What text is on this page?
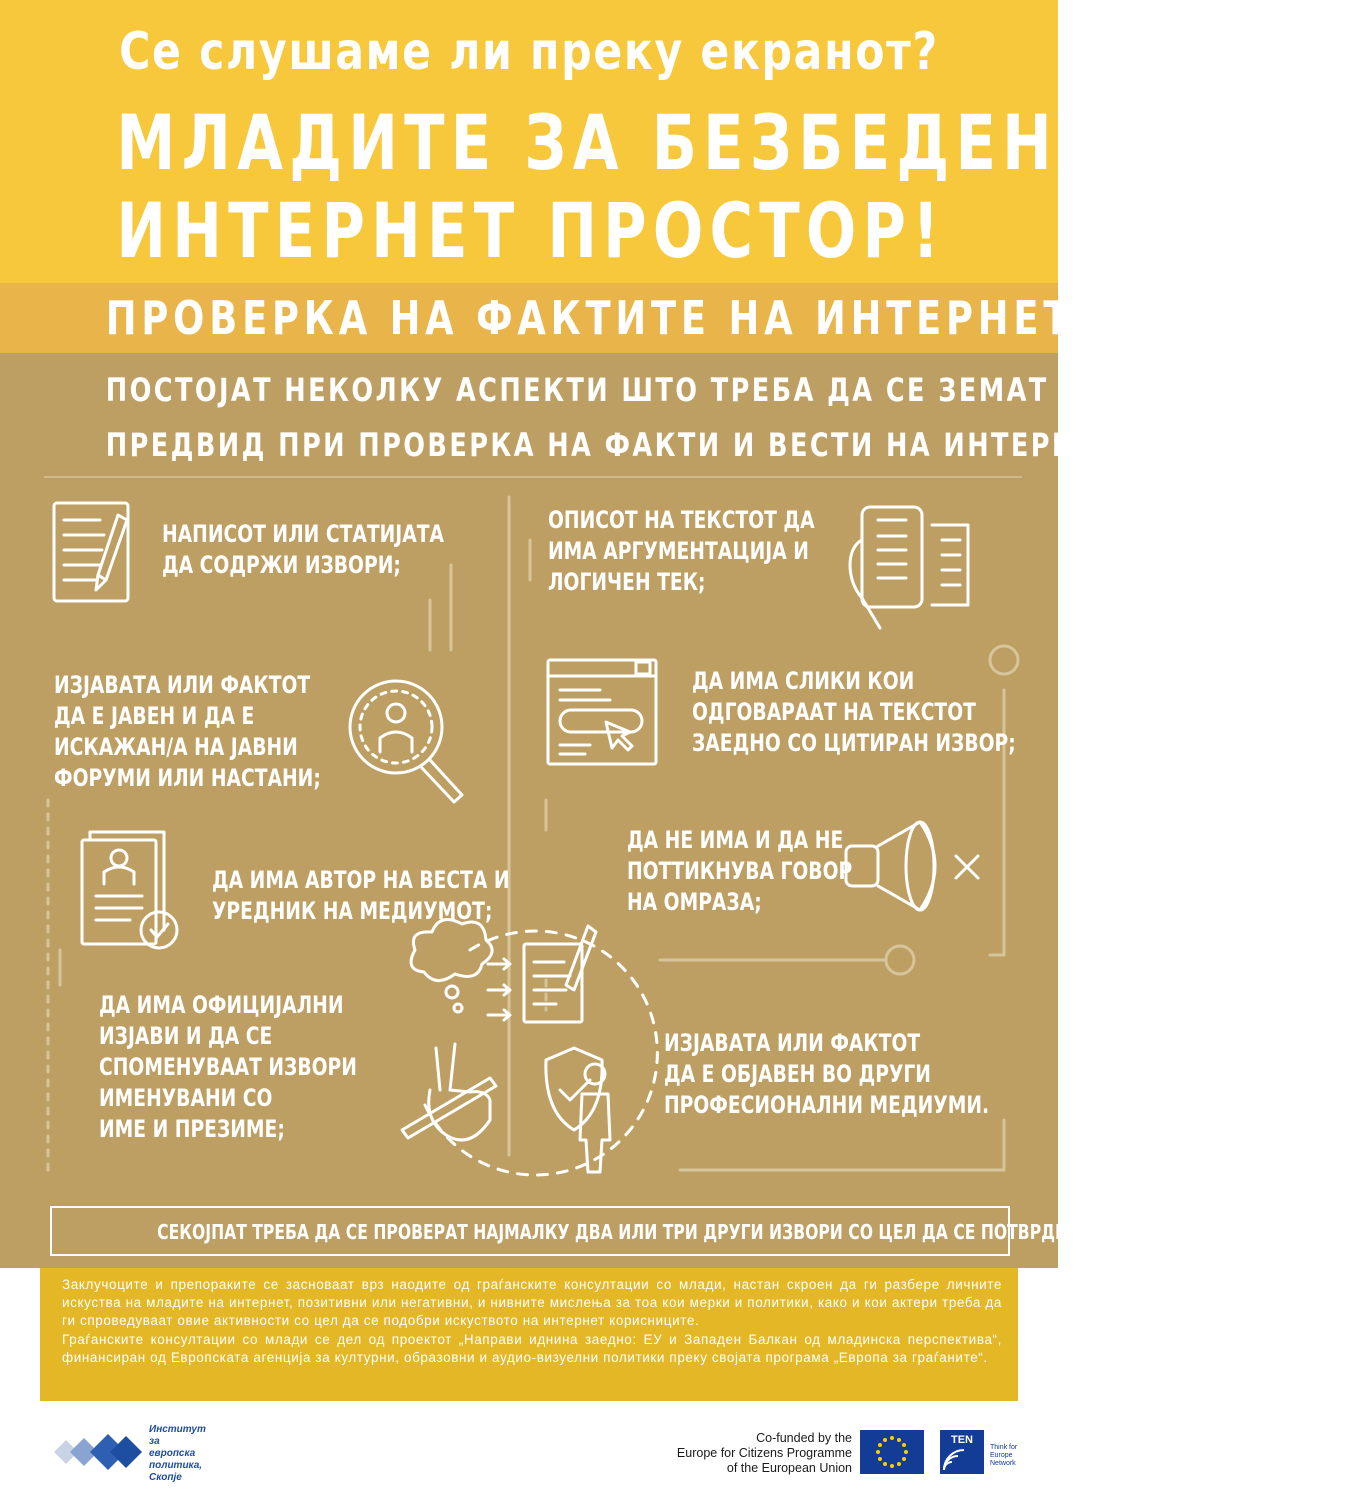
Се слушаме ли преку екранот?
МЛАДИТЕ ЗА БЕЗБЕДЕН
ИНТЕРНЕТ ПРОСТОР!
ПРОВЕРКА НА ФАКТИТЕ НА ИНТЕРНЕТ
ПОСТОЈАТ НЕКОЛКУ АСПЕКТИ ШТО ТРЕБА ДА СЕ ЗЕМАТ
ПРЕДВИД ПРИ ПРОВЕРКА НА ФАКТИ И ВЕСТИ НА ИНТЕРНЕТ:
НАПИСОТ ИЛИ СТАТИЈАТА
ДА СОДРЖИ ИЗВОРИ;
ОПИСОТ НА ТЕКСТОТ ДА
ИМА АРГУМЕНТАЦИЈА И
ЛОГИЧЕН ТЕК;
ИЗЈАВАТА ИЛИ ФАКТОТ
ДА Е ЈАВЕН И ДА Е
ИСКАЖАН/А НА ЈАВНИ
ФОРУМИ ИЛИ НАСТАНИ;
ДА ИМА СЛИКИ КОИ
ОДГОВАРААТ НА ТЕКСТОТ
ЗАЕДНО СО ЦИТИРАН ИЗВОР;
ДА ИМА АВТОР НА ВЕСТА И
УРЕДНИК НА МЕДИУМОТ;
ДА НЕ ИМА И ДА НЕ
ПОТТИКНУВА ГОВОР
НА ОМРАЗА;
ДА ИМА ОФИЦИЈАЛНИ
ИЗЈАВИ И ДА СЕ
СПОМЕНУВААТ ИЗВОРИ
ИМЕНУВАНИ СО
ИМЕ И ПРЕЗИМЕ;
ИЗЈАВАТА ИЛИ ФАКТОТ
ДА Е ОБЈАВЕН ВО ДРУГИ
ПРОФЕСИОНАЛНИ МЕДИУМИ.
СЕКОЈПАТ ТРЕБА ДА СЕ ПРОВЕРАТ НАЈМАЛКУ ДВА ИЛИ ТРИ ДРУГИ ИЗВОРИ СО ЦЕЛ ДА СЕ ПОТВРДИ ДАЛИ ВЕСТА Е ТОЧНА ИЛИ НЕ!
Заклучоците и препораките се засноваат врз наодите од граѓанските консултации со млади, настан скроен да ги разбере личните искуства на младите на интернет, позитивни или негативни, и нивните мислења за тоа кои мерки и политики, како и кои актери треба да ги спроведуваат овие активности со цел да се подобри искуството на интернет корисниците.
Граѓанските консултации со млади се дел од проектот „Направи иднина заедно: ЕУ и Западен Балкан од младинска перспектива“, финансиран од Европската агенција за културни, образовни и аудио-визуелни политики преку својата програма „Европа за граѓаните“.
Институт
за
европска
политика,
Скопје
Co-funded by the
Europe for Citizens Programme
of the European Union
TEN
Think for
Europe
Network
